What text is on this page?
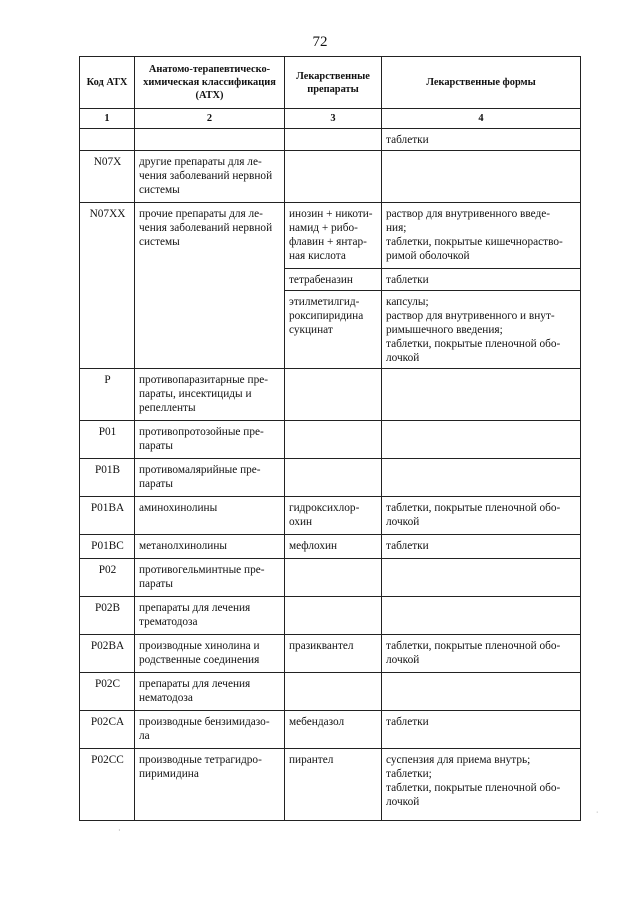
72
Код АТХ	Анатомо-терапевтическо-
химическая классификация
(АТХ)	Лекарственные
препараты	Лекарственные формы

1	2	3	4

			таблетки

N07X	другие препараты для ле-
чения заболеваний нервной
системы		

N07XX	прочие препараты для ле-
чения заболеваний нервной
системы	инозин + никоти-
намид + рибо-
флавин + янтар-
ная кислота	раствор для внутривенного введе-
ния;
таблетки, покрытые кишечнораство-
римой оболочкой

		тетрабеназин	таблетки

		этилметилгид-
роксипиридина
сукцинат	капсулы;
раствор для внутривенного и внут-
римышечного введения;
таблетки, покрытые пленочной обо-
лочкой

P	противопаразитарные пре-
параты, инсектициды и
репелленты		

P01	противопротозойные пре-
параты		

P01B	противомалярийные пре-
параты		

P01BA	аминохинолины	гидроксихлор-
охин	таблетки, покрытые пленочной обо-
лочкой

P01BC	метанолхинолины	мефлохин	таблетки

P02	противогельминтные пре-
параты		

P02B	препараты для лечения
трематодоза		

P02BA	производные хинолина и
родственные соединения	празиквантел	таблетки, покрытые пленочной обо-
лочкой

P02C	препараты для лечения
нематодоза		

P02CA	производные бензимидазо-
ла	мебендазол	таблетки

P02CC	производные тетрагидро-
пиримидина	пирантел	суспензия для приема внутрь;
таблетки;
таблетки, покрытые пленочной обо-
лочкой
ᐧ
·
